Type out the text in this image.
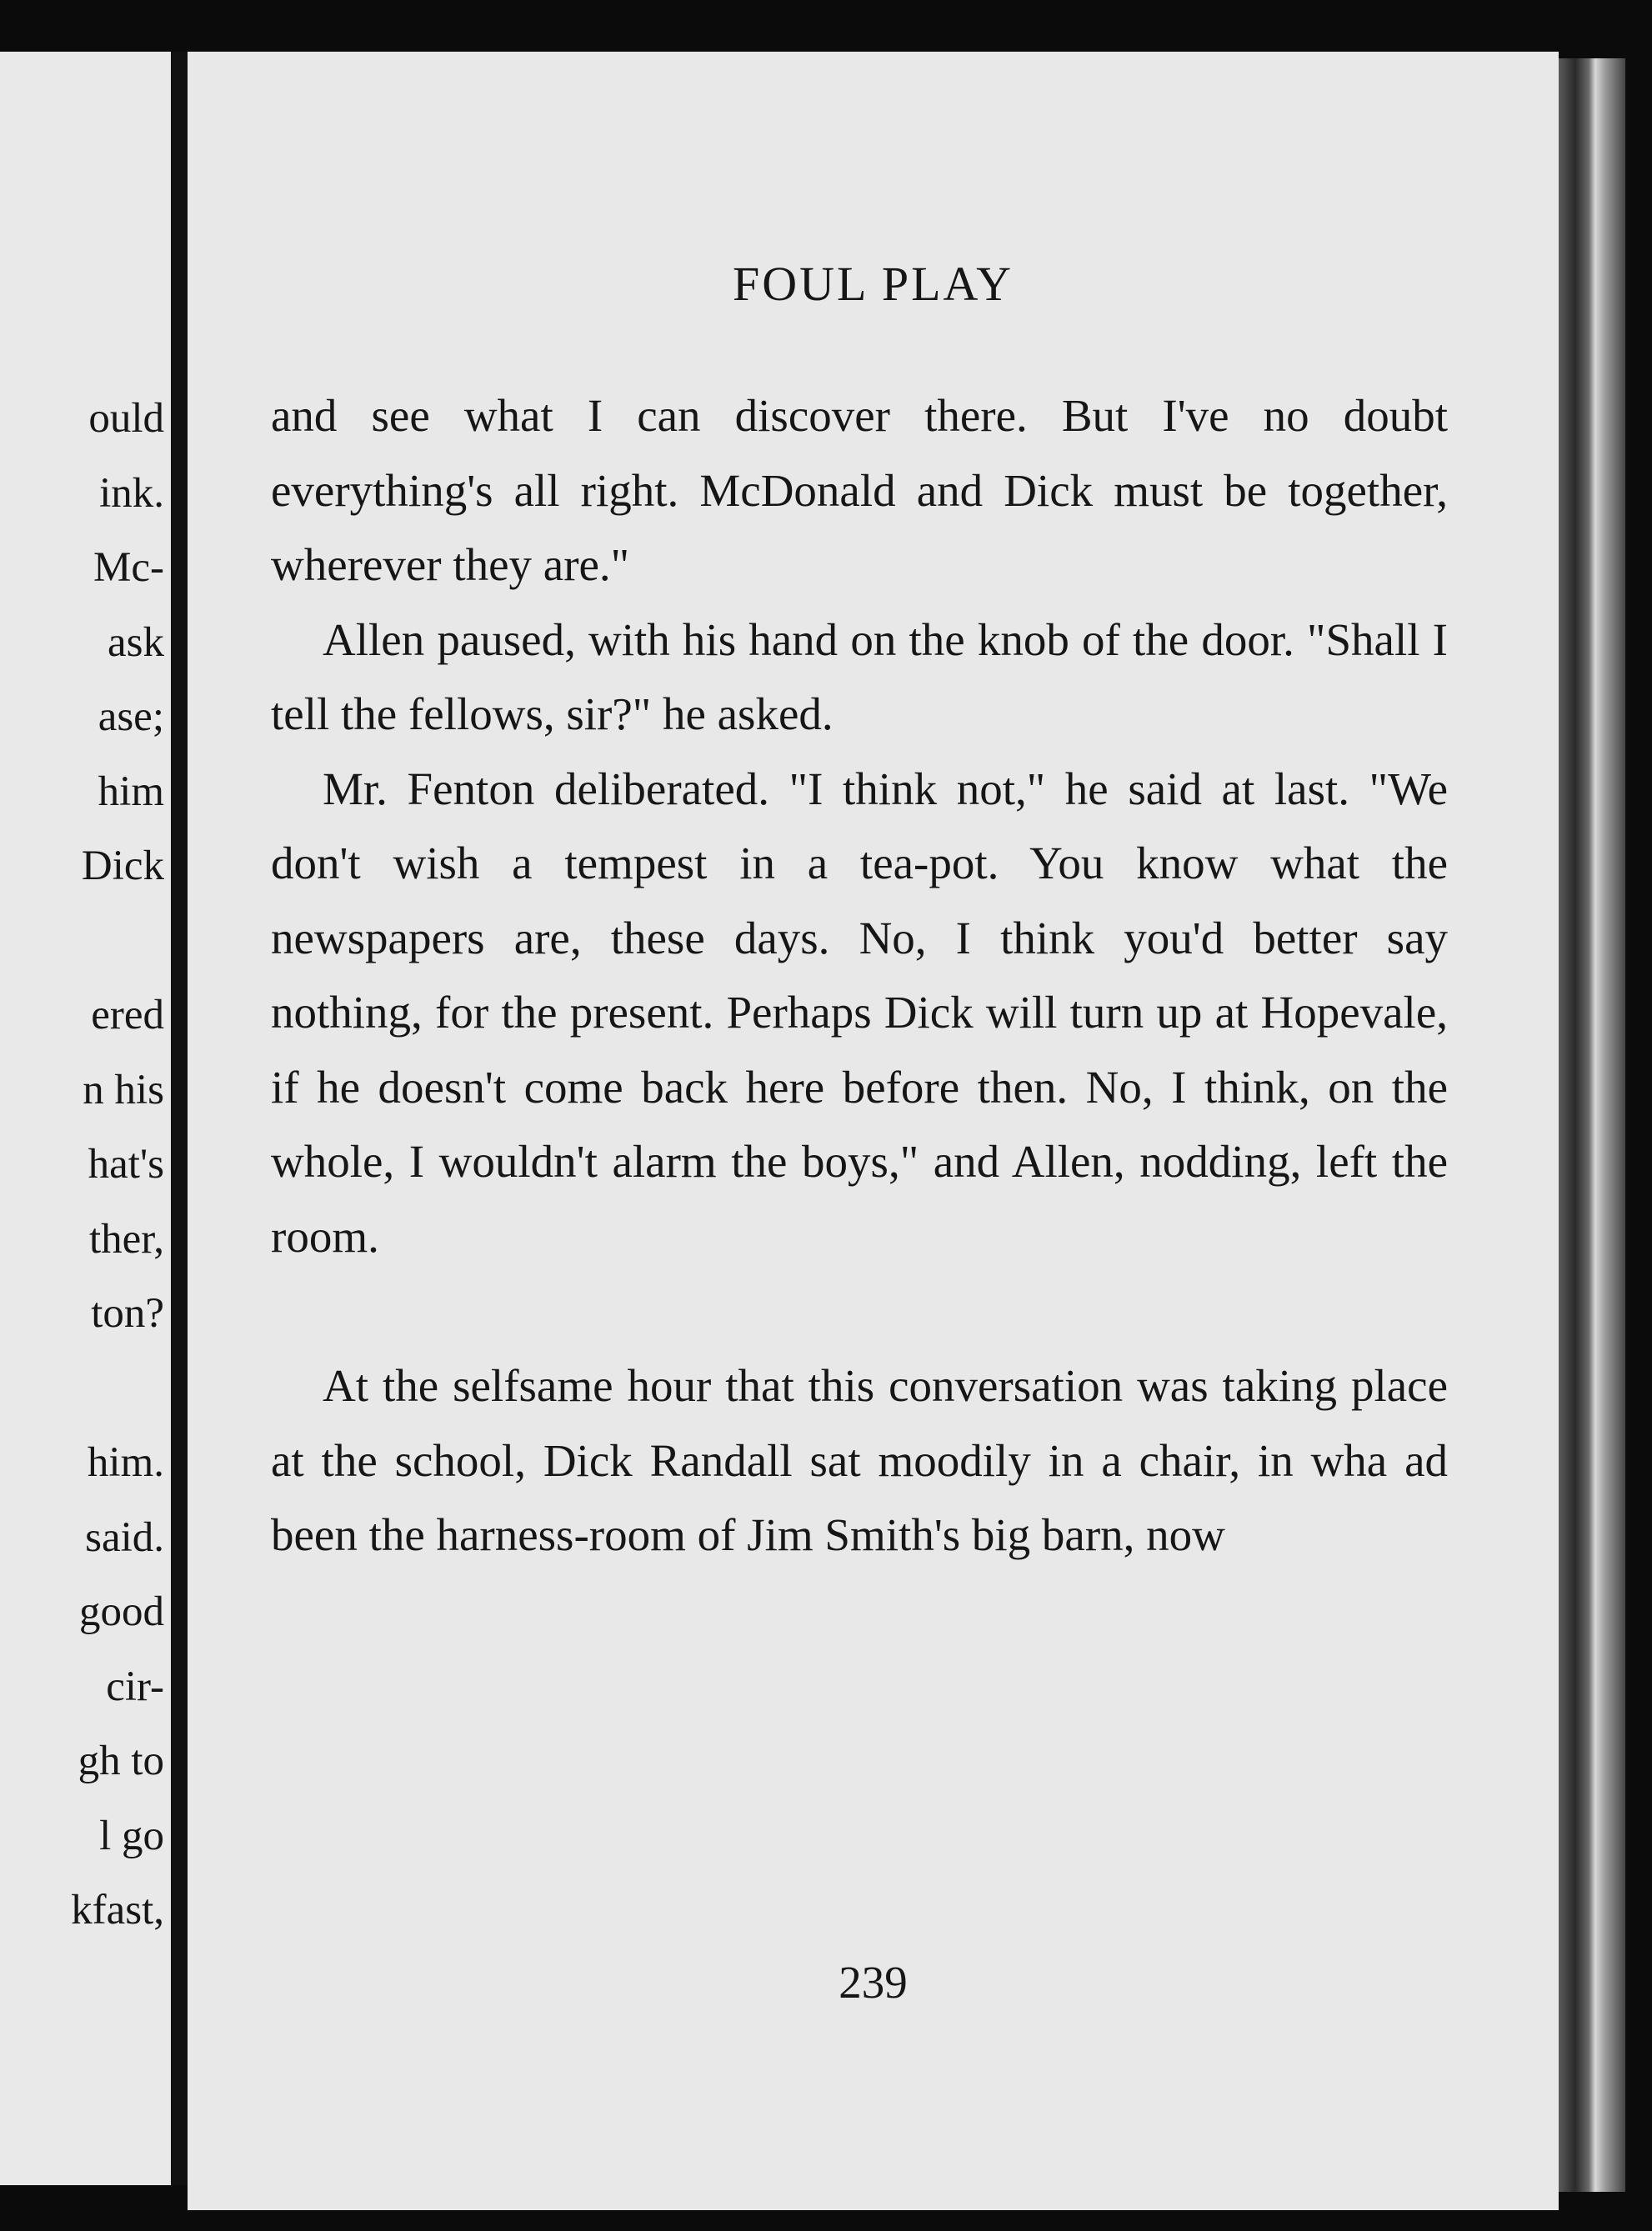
ould
ink.
Mc-
ask
ase;
him
Dick
ered
n his
hat's
ther,
ton?
him.
said.
good
cir-
gh to
l go
kfast,
FOUL PLAY

and see what I can discover there. But I've no doubt everything's all right. McDonald and Dick must be together, wherever they are."

Allen paused, with his hand on the knob of the door. "Shall I tell the fellows, sir?" he asked.

Mr. Fenton deliberated. "I think not," he said at last. "We don't wish a tempest in a tea-pot. You know what the newspapers are, these days. No, I think you'd better say nothing, for the present. Perhaps Dick will turn up at Hopevale, if he doesn't come back here before then. No, I think, on the whole, I wouldn't alarm the boys," and Allen, nodding, left the room.

At the selfsame hour that this conversation was taking place at the school, Dick Randall sat moodily in a chair, in wha ad been the harness-room of Jim Smith's big barn, now

239
